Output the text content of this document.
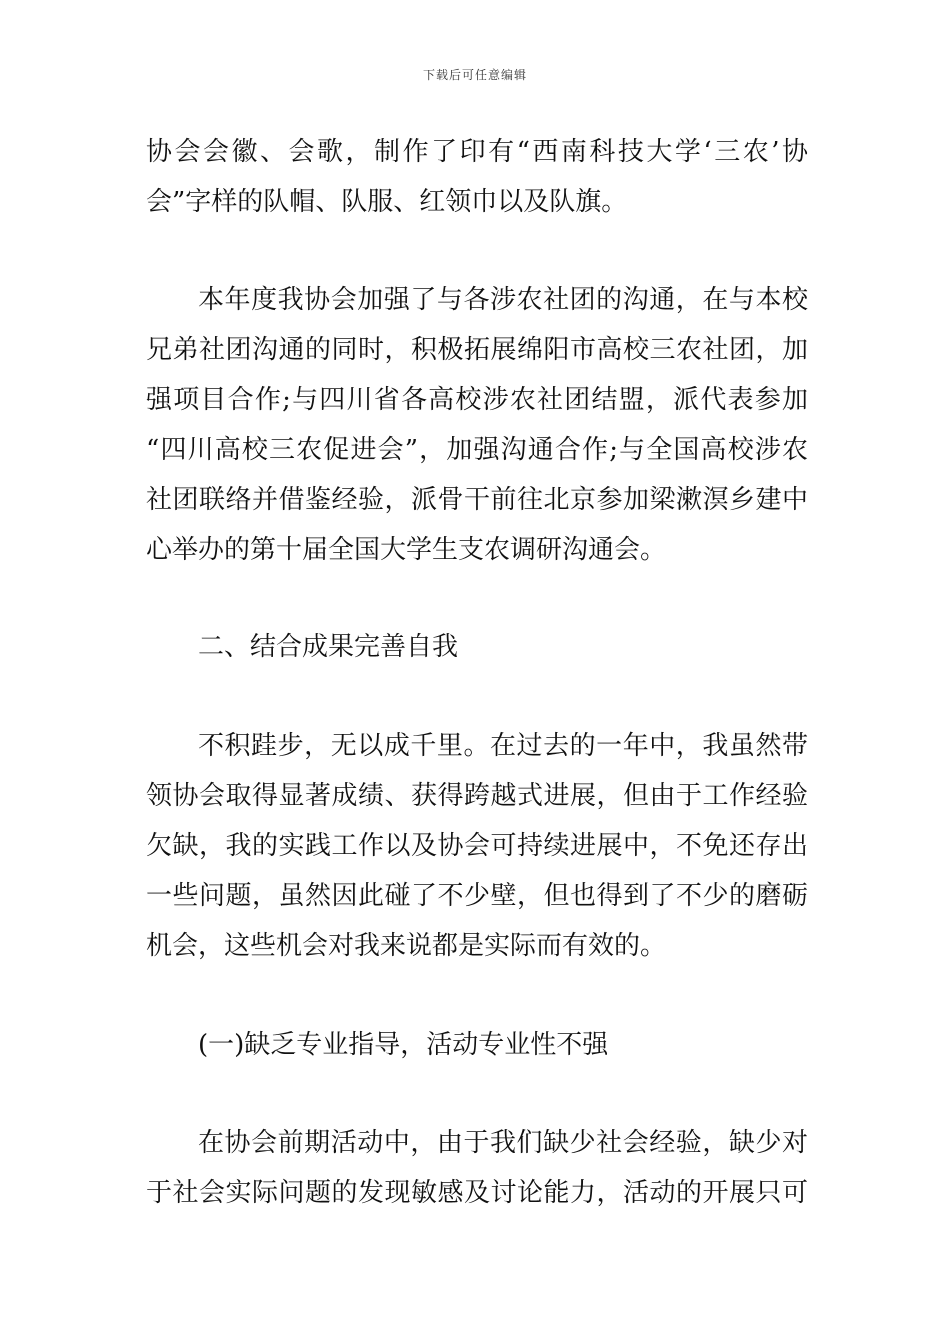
下载后可任意编辑
协会会徽、会歌，制作了印有“西南科技大学‘三农’协
会”字样的队帽、队服、红领巾以及队旗。
本年度我协会加强了与各涉农社团的沟通，在与本校
兄弟社团沟通的同时，积极拓展绵阳市高校三农社团，加
强项目合作;与四川省各高校涉农社团结盟，派代表参加
“四川高校三农促进会”，加强沟通合作;与全国高校涉农
社团联络并借鉴经验，派骨干前往北京参加梁漱溟乡建中
心举办的第十届全国大学生支农调研沟通会。
二、结合成果完善自我
不积跬步，无以成千里。在过去的一年中，我虽然带
领协会取得显著成绩、获得跨越式进展，但由于工作经验
欠缺，我的实践工作以及协会可持续进展中，不免还存出
一些问题，虽然因此碰了不少壁，但也得到了不少的磨砺
机会，这些机会对我来说都是实际而有效的。
(一)缺乏专业指导，活动专业性不强
在协会前期活动中，由于我们缺少社会经验，缺少对
于社会实际问题的发现敏感及讨论能力，活动的开展只可
